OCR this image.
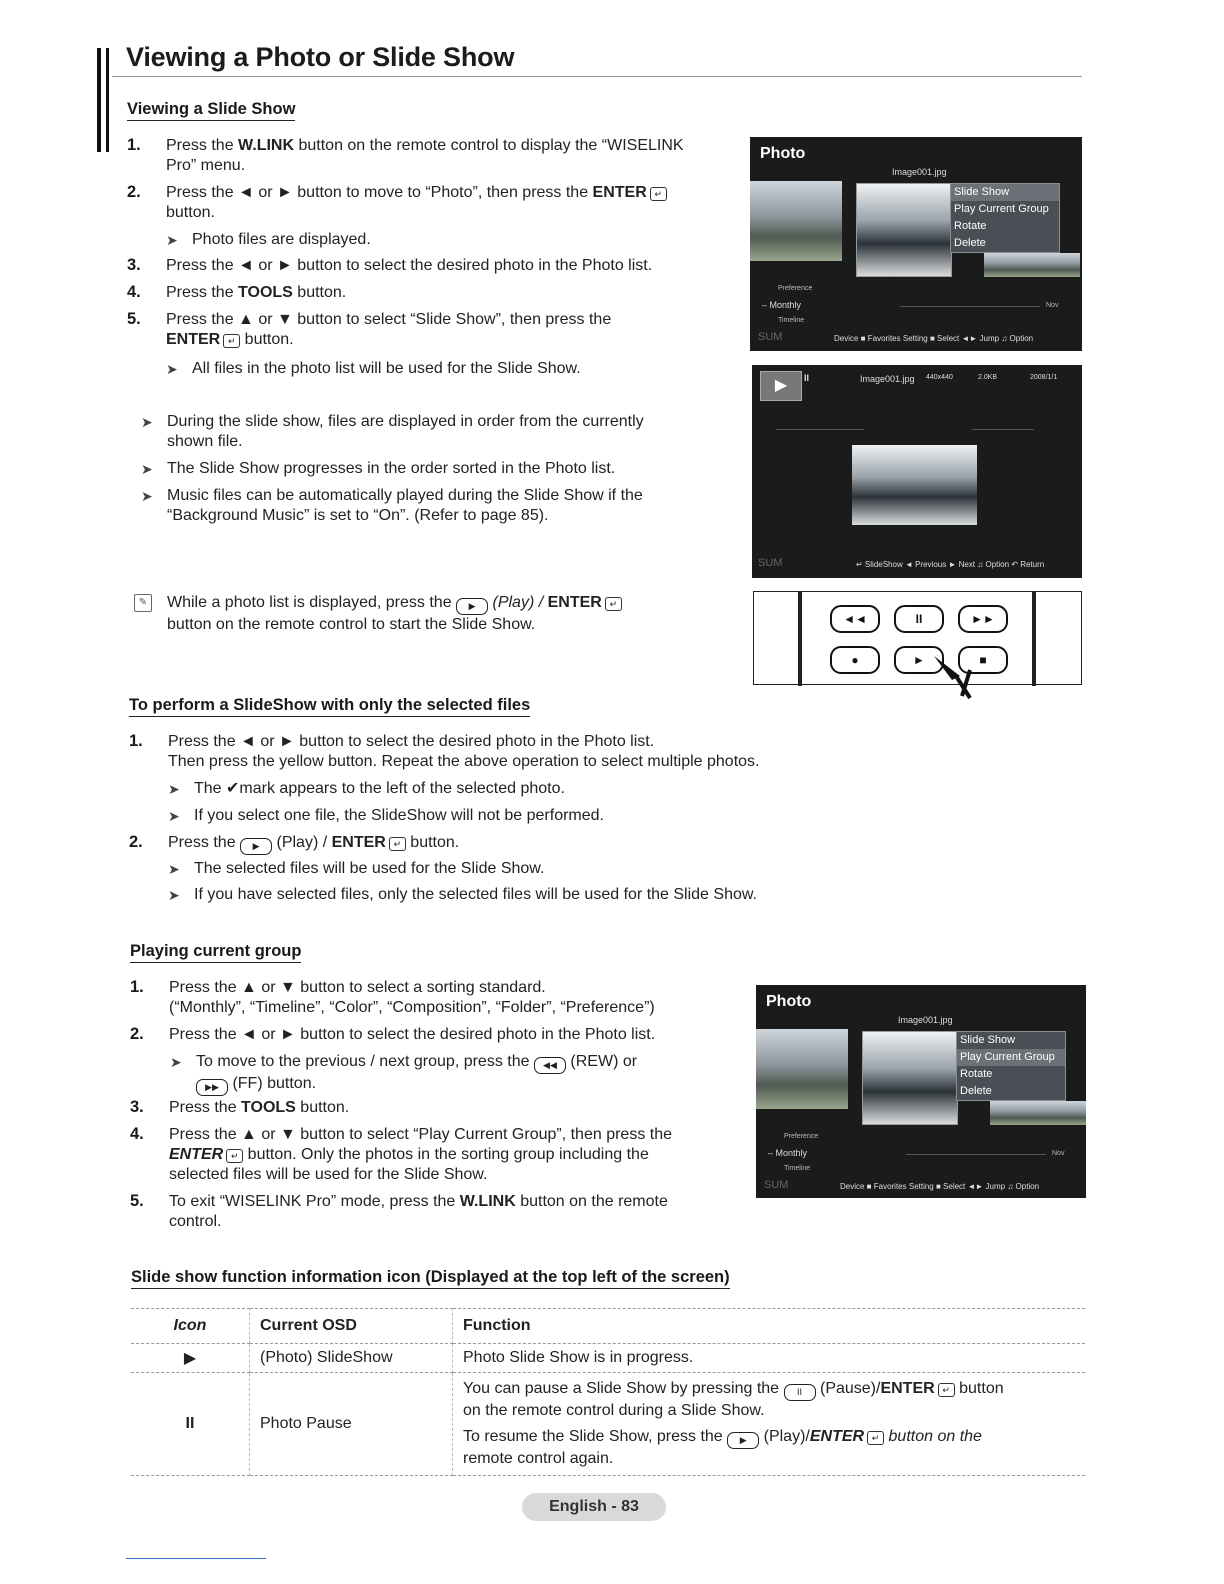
Viewing a Photo or Slide Show
Viewing a Slide Show
1. Press the W.LINK button on the remote control to display the “WISELINK
Pro” menu.
2. Press the ◄ or ► button to move to “Photo”, then press the ENTER ↵
button.
➤ Photo files are displayed.
3. Press the ◄ or ► button to select the desired photo in the Photo list.
4. Press the TOOLS button.
5. Press the ▲ or ▼ button to select “Slide Show”, then press the
ENTER ↵ button.
➤ All files in the photo list will be used for the Slide Show.
➤ During the slide show, files are displayed in order from the currently
shown file.
➤ The Slide Show progresses in the order sorted in the Photo list.
➤ Music files can be automatically played during the Slide Show if the
“Background Music” is set to “On”. (Refer to page 85).
✎	While a photo list is displayed, press the ▶ (Play) / ENTER ↵
button on the remote control to start the Slide Show.
Photo
Image001.jpg
Slide Show
Play Current Group
Rotate
Delete
Preference
– Monthly
Timeline
Nov
SUM	Device ■ Favorites Setting ■ Select ◄► Jump ♫ Option
▶	II	Image001.jpg 440x440	2.0KB	2008/1/1
SUM	↵ SlideShow ◄ Previous ► Next ♫ Option ↶ Return
◄◄	II	►►
●	►	■
To perform a SlideShow with only the selected files
1. Press the ◄ or ► button to select the desired photo in the Photo list.
Then press the yellow button. Repeat the above operation to select multiple photos.
➤ The ✔mark appears to the left of the selected photo.
➤ If you select one file, the SlideShow will not be performed.
2. Press the ▶ (Play) / ENTER ↵ button.
➤ The selected files will be used for the Slide Show.
➤ If you have selected files, only the selected files will be used for the Slide Show.
Playing current group
1. Press the ▲ or ▼ button to select a sorting standard.
(“Monthly”, “Timeline”, “Color”, “Composition”, “Folder”, “Preference”)
2. Press the ◄ or ► button to select the desired photo in the Photo list.
➤ To move to the previous / next group, press the ◀◀ (REW) or
▶▶ (FF) button.
3. Press the TOOLS button.
4. Press the ▲ or ▼ button to select “Play Current Group”, then press the
ENTER ↵ button. Only the photos in the sorting group including the
selected files will be used for the Slide Show.
5. To exit “WISELINK Pro” mode, press the W.LINK button on the remote
control.
Photo
Image001.jpg
Slide Show
Play Current Group
Rotate
Delete
Preference
– Monthly
Timeline
Nov
SUM	Device ■ Favorites Setting ■ Select ◄► Jump ♫ Option
Slide show function information icon (Displayed at the top left of the screen)
Icon	Current OSD	Function
▶	(Photo) SlideShow	Photo Slide Show is in progress.
II	Photo Pause	You can pause a Slide Show by pressing the II (Pause)/ENTER ↵ button
on the remote control during a Slide Show.
To resume the Slide Show, press the ▶ (Play)/ENTER ↵ button on the
remote control again.
English - 83
